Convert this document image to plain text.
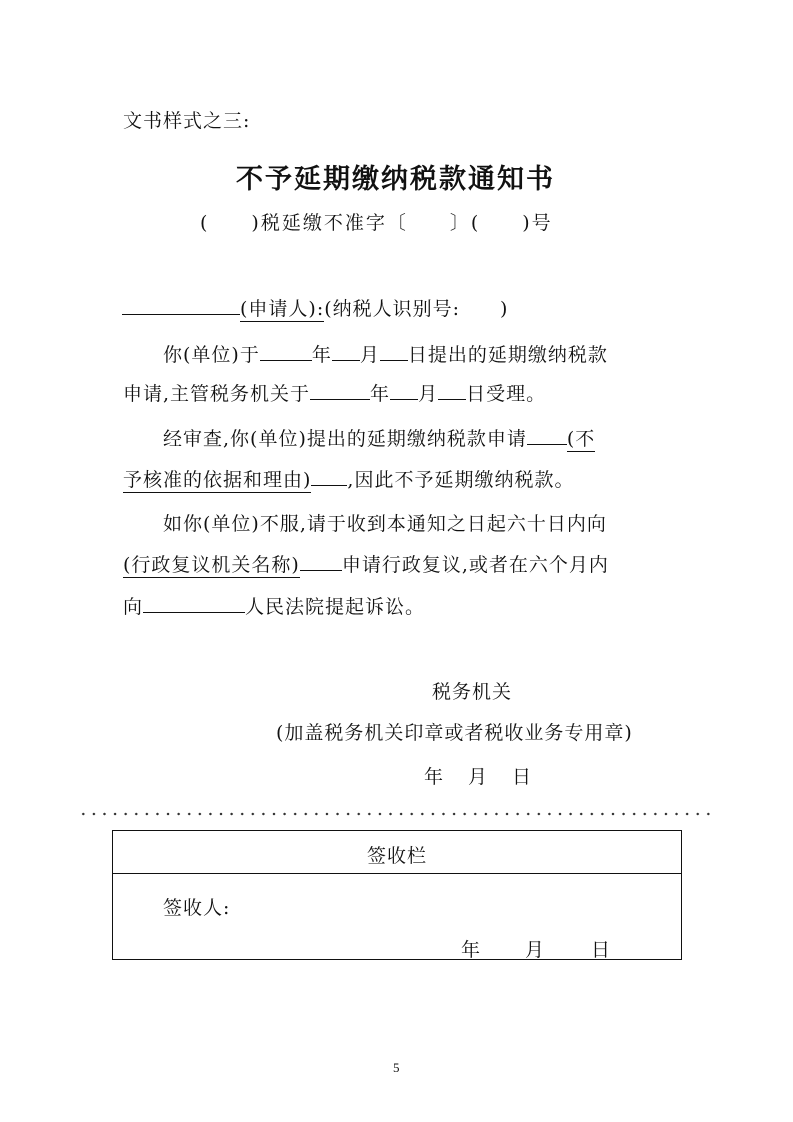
文书样式之三:
不予延期缴纳税款通知书
(　　)税延缴不准字〔　　〕(　　)号
(申请人):(纳税人识别号:　　)
你(单位)于	年 月 日提出的延期缴纳税款
申请,主管税务机关于	年 月 日受理。
经审查,你(单位)提出的延期缴纳税款申请 (不
予核准的依据和理由) ,因此不予延期缴纳税款。
如你(单位)不服,请于收到本通知之日起六十日内向
(行政复议机关名称) 申请行政复议,或者在六个月内
向	人民法院提起诉讼。
税务机关
(加盖税务机关印章或者税收业务专用章)
年　月　日
签收栏
签收人:
年 月 日
5
